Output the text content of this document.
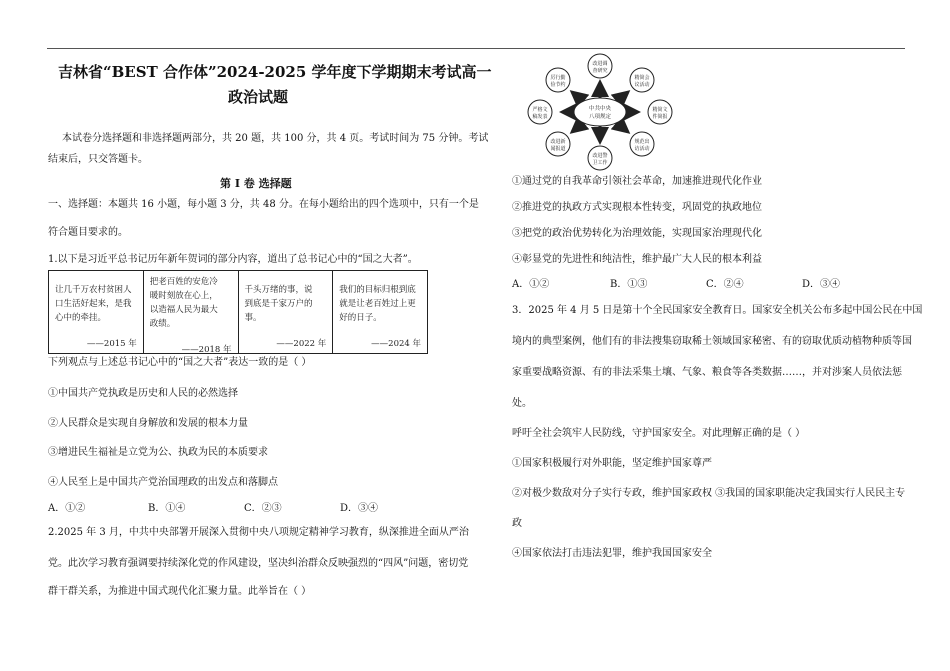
吉林省“BEST 合作体”2024-2025 学年度下学期期末考试高一
政治试题
本试卷分选择题和非选择题两部分，共 20 题，共 100 分，共 4 页。考试时间为 75 分钟。考试
结束后，只交答题卡。
第 Ⅰ 卷 选择题
一、选择题：本题共 16 小题，每小题 3 分，共 48 分。在每小题给出的四个选项中，只有一个是
符合题目要求的。
1.以下是习近平总书记历年新年贺词的部分内容，道出了总书记心中的“国之大者”。
让几千万农村贫困人
口生活好起来，是我
心中的牵挂。
——2015 年
把老百姓的安危冷
暖时刻放在心上，
以造福人民为最大
政绩。
——2018 年
千头万绪的事，说
到底是千家万户的
事。
——2022 年
我们的目标归根到底
就是让老百姓过上更
好的日子。
——2024 年
下列观点与上述总书记心中的“国之大者”表达一致的是（ ）
①中国共产党执政是历史和人民的必然选择
②人民群众是实现自身解放和发展的根本力量
③增进民生福祉是立党为公、执政为民的本质要求
④人民至上是中国共产党治国理政的出发点和落脚点
A．①②	B．①④	C．②③	D．③④
2.2025 年 3 月，中共中央部署开展深入贯彻中央八项规定精神学习教育，纵深推进全面从严治
党。此次学习教育强调要持续深化党的作风建设，坚决纠治群众反映强烈的“四风”问题，密切党
群干群关系，为推进中国式现代化汇聚力量。此举旨在（ ）
中共中央
八项规定
改进调
查研究
精简会
议活动
精简文
件简报
规范出
访活动
改进警
卫工作
改进新
闻报道
严格文
稿发表
厉行勤
俭节约
①通过党的自我革命引领社会革命，加速推进现代化作业
②推进党的执政方式实现根本性转变，巩固党的执政地位
③把党的政治优势转化为治理效能，实现国家治理现代化
④彰显党的先进性和纯洁性，维护最广大人民的根本利益
A．①②	B．①③	C．②④	D．③④
3．2025 年 4 月 5 日是第十个全民国家安全教育日。国家安全机关公布多起中国公民在中国
境内的典型案例，他们有的非法搜集窃取稀土领域国家秘密、有的窃取优质动植物种质等国
家重要战略资源、有的非法采集土壤、气象、粮食等各类数据……，并对涉案人员依法惩
处。
呼吁全社会筑牢人民防线，守护国家安全。对此理解正确的是（ ）
①国家积极履行对外职能，坚定维护国家尊严
②对极少数敌对分子实行专政，维护国家政权 ③我国的国家职能决定我国实行人民民主专
政
④国家依法打击违法犯罪，维护我国国家安全
